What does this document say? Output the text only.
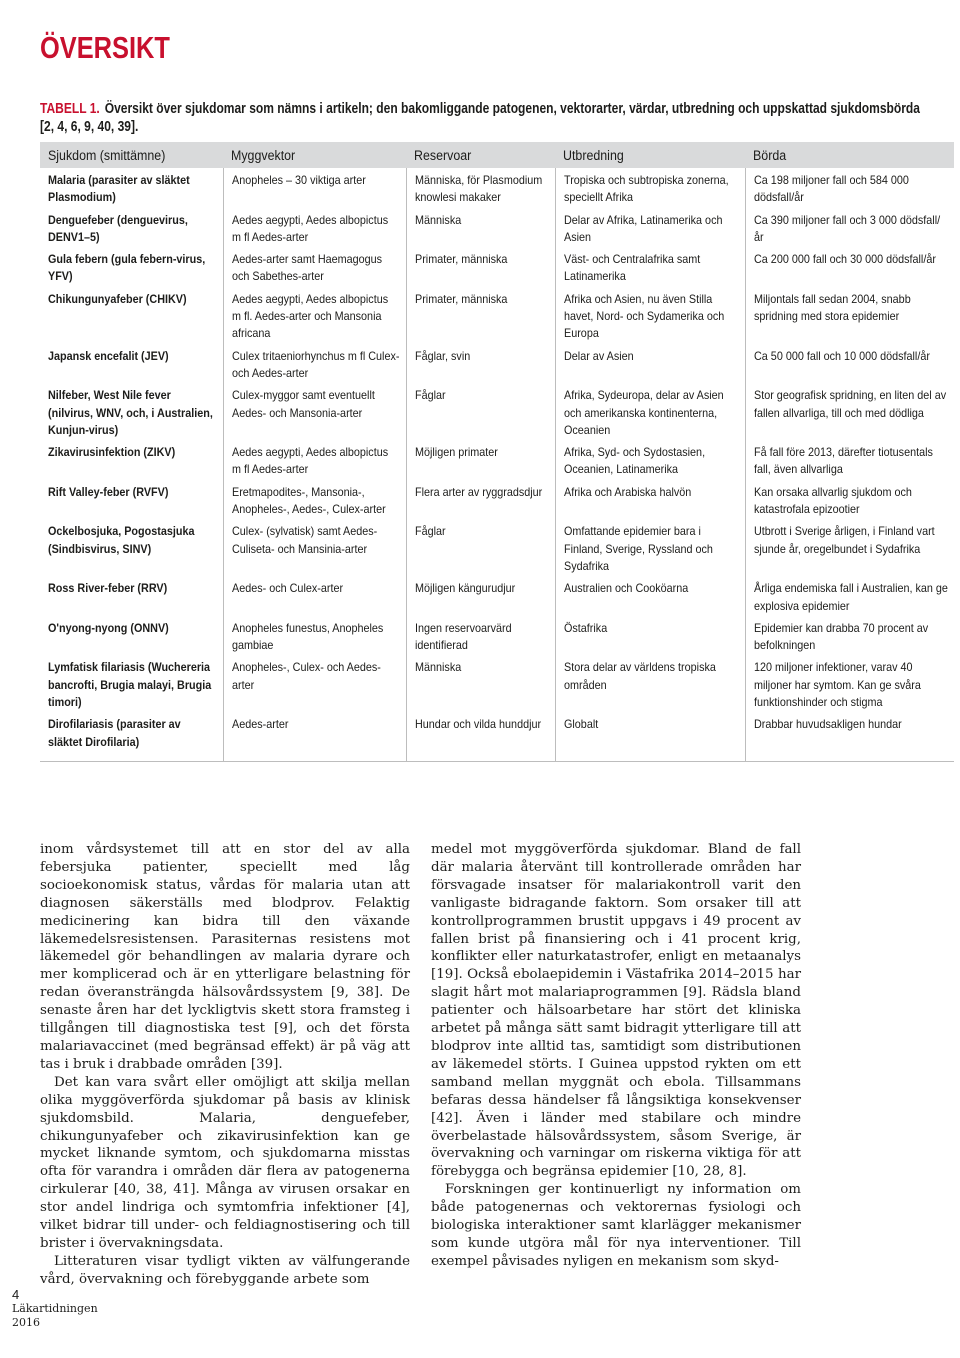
ÖVERSIKT
TABELL 1. Översikt över sjukdomar som nämns i artikeln; den bakomliggande patogenen, vektorarter, värdar, utbredning och uppskattad sjukdomsbörda [2, 4, 6, 9, 40, 39].
Sjukdom (smittämne)	Myggvektor	Reservoar	Utbredning	Börda

Malaria (parasiter av släktet Plasmodium)	Anopheles – 30 viktiga arter	Människa, för Plasmodium knowlesi makaker	Tropiska och subtropiska zonerna, speciellt Afrika	Ca 198 miljoner fall och 584 000 dödsfall/år

Denguefeber (denguevirus, DENV1–5)	Aedes aegypti, Aedes albopictus m fl Aedes-arter	Människa	Delar av Afrika, Latinamerika och Asien	Ca 390 miljoner fall och 3 000 dödsfall/år

Gula febern (gula febern-virus, YFV)	Aedes-arter samt Haemagogus och Sabethes-arter	Primater, människa	Väst- och Centralafrika samt Latinamerika	Ca 200 000 fall och 30 000 dödsfall/år

Chikungunyafeber (CHIKV)	Aedes aegypti, Aedes albopictus m fl. Aedes-arter och Mansonia africana	Primater, människa	Afrika och Asien, nu även Stilla havet, Nord- och Sydamerika och Europa	Miljontals fall sedan 2004, snabb spridning med stora epidemier

Japansk encefalit (JEV)	Culex tritaeniorhynchus m fl Culex- och Aedes-arter	Fåglar, svin	Delar av Asien	Ca 50 000 fall och 10 000 dödsfall/år

Nilfeber, West Nile fever (nilvirus, WNV, och, i Australien, Kunjun-virus)	Culex-myggor samt eventuellt Aedes- och Mansonia-arter	Fåglar	Afrika, Sydeuropa, delar av Asien och amerikanska kontinenterna, Oceanien	Stor geografisk spridning, en liten del av fallen allvarliga, till och med dödliga

Zikavirusinfektion (ZIKV)	Aedes aegypti, Aedes albopictus m fl Aedes-arter	Möjligen primater	Afrika, Syd- och Sydostasien, Oceanien, Latinamerika	Få fall före 2013, därefter tiotusentals fall, även allvarliga

Rift Valley-feber (RVFV)	Eretmapodites-, Mansonia-, Anopheles-, Aedes-, Culex-arter	Flera arter av ryggradsdjur	Afrika och Arabiska halvön	Kan orsaka allvarlig sjukdom och katastrofala epizootier

Ockelbosjuka, Pogostasjuka (Sindbisvirus, SINV)	Culex- (sylvatisk) samt Aedes-Culiseta- och Mansinia-arter	Fåglar	Omfattande epidemier bara i Finland, Sverige, Ryssland och Sydafrika	Utbrott i Sverige årligen, i Finland vart sjunde år, oregelbundet i Sydafrika

Ross River-feber (RRV)	Aedes- och Culex-arter	Möjligen kängurudjur	Australien och Cooköarna	Årliga endemiska fall i Australien, kan ge explosiva epidemier

O'nyong-nyong (ONNV)	Anopheles funestus, Anopheles gambiae	Ingen reservoarvärd identifierad	Östafrika	Epidemier kan drabba 70 procent av befolkningen

Lymfatisk filariasis (Wuchereria bancrofti, Brugia malayi, Brugia timori)	Anopheles-, Culex- och Aedes-arter	Människa	Stora delar av världens tropiska områden	120 miljoner infektioner, varav 40 miljoner har symtom. Kan ge svåra funktionshinder och stigma

Dirofilariasis (parasiter av släktet Dirofilaria)	Aedes-arter	Hundar och vilda hunddjur	Globalt	Drabbar huvudsakligen hundar

inom vårdsystemet till att en stor del av alla febersjuka patienter, speciellt med låg socioekonomisk status, vårdas för malaria utan att diagnosen säkerställs med blodprov. Felaktig medicinering kan bidra till den växande läkemedelsresistensen. Parasiternas resistens mot läkemedel gör behandlingen av malaria dyrare och mer komplicerad och är en ytterligare belastning för redan överansträngda hälsovårdssystem [9, 38]. De senaste åren har det lyckligtvis skett stora framsteg i tillgången till diagnostiska test [9], och det första malariavaccinet (med begränsad effekt) är på väg att tas i bruk i drabbade områden [39].

Det kan vara svårt eller omöjligt att skilja mellan olika myggöverförda sjukdomar på basis av klinisk sjukdomsbild. Malaria, denguefeber, chikungunyafeber och zikavirusinfektion kan ge mycket liknande symtom, och sjukdomarna misstas ofta för varandra i områden där flera av patogenerna cirkulerar [40, 38, 41]. Många av virusen orsakar en stor andel lindriga och symtomfria infektioner [4], vilket bidrar till under- och feldiagnostisering och till brister i övervakningsdata.

Litteraturen visar tydligt vikten av välfungerande vård, övervakning och förebyggande arbete som

medel mot myggöverförda sjukdomar. Bland de fall där malaria återvänt till kontrollerade områden har försvagade insatser för malariakontroll varit den vanligaste bidragande faktorn. Som orsaker till att kontrollprogrammen brustit uppgavs i 49 procent av fallen brist på finansiering och i 41 procent krig, konflikter eller naturkatastrofer, enligt en metaanalys [19]. Också ebolaepidemin i Västafrika 2014–2015 har slagit hårt mot malariaprogrammen [9]. Rädsla bland patienter och hälsoarbetare har stört det kliniska arbetet på många sätt samt bidragit ytterligare till att blodprov inte alltid tas, samtidigt som distributionen av läkemedel störts. I Guinea uppstod rykten om ett samband mellan myggnät och ebola. Tillsammans befaras dessa händelser få långsiktiga konsekvenser [42]. Även i länder med stabilare och mindre överbelastade hälsovårdssystem, såsom Sverige, är övervakning och varningar om riskerna viktiga för att förebygga och begränsa epidemier [10, 28, 8].

Forskningen ger kontinuerligt ny information om både patogenernas och vektorernas fysiologi och biologiska interaktioner samt klarlägger mekanismer som kunde utgöra mål för nya interventioner. Till exempel påvisades nyligen en mekanism som skyd-

4
Läkartidningen
2016
